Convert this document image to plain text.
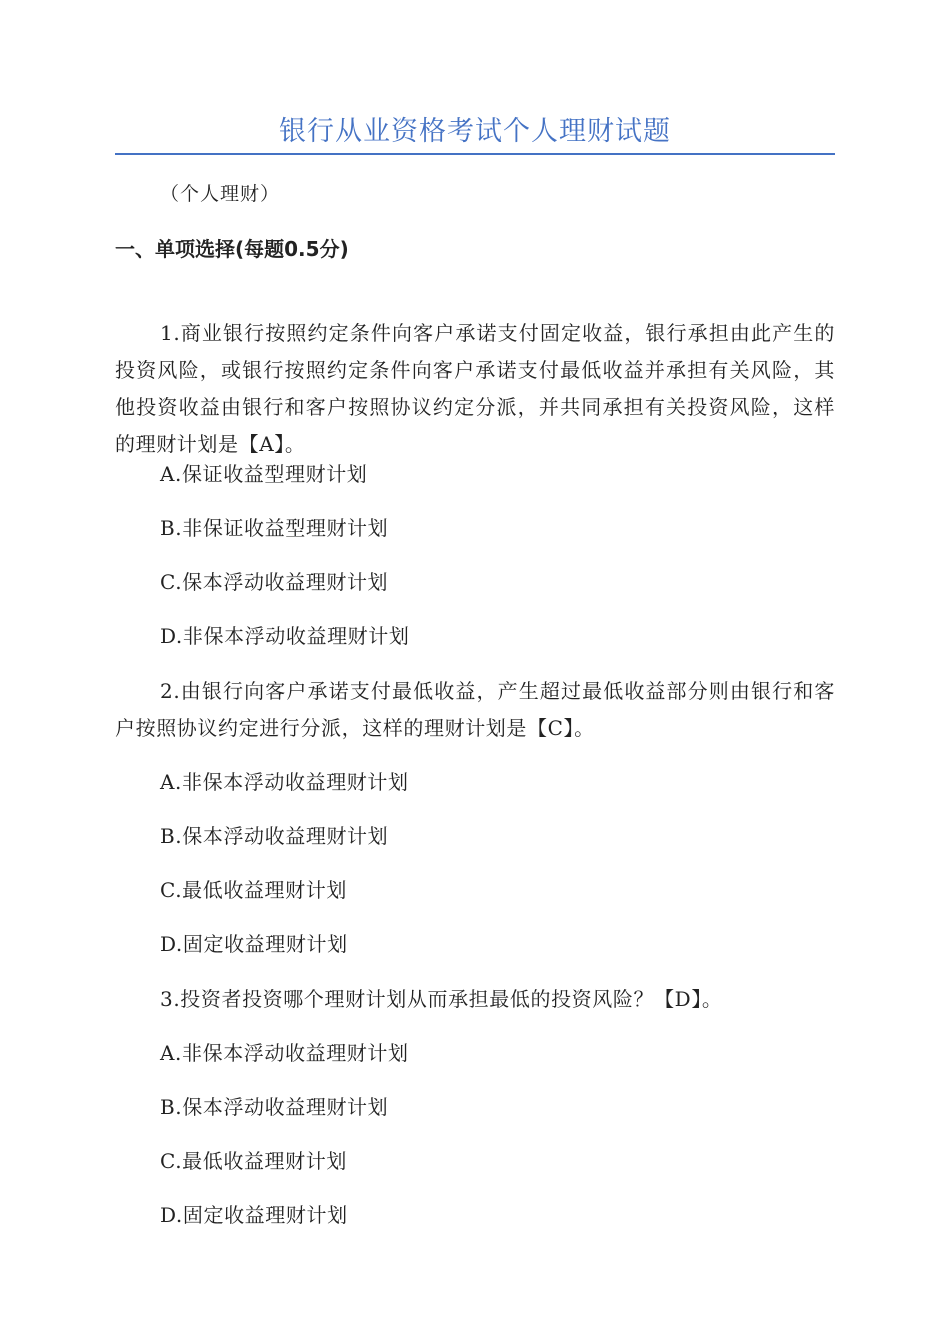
银行从业资格考试个人理财试题
（个人理财）
一、单项选择(每题0.5分)
1.商业银行按照约定条件向客户承诺支付固定收益，银行承担由此产生的投资风险，或银行按照约定条件向客户承诺支付最低收益并承担有关风险，其他投资收益由银行和客户按照协议约定分派，并共同承担有关投资风险，这样的理财计划是【A】。
A.保证收益型理财计划
B.非保证收益型理财计划
C.保本浮动收益理财计划
D.非保本浮动收益理财计划
2.由银行向客户承诺支付最低收益，产生超过最低收益部分则由银行和客户按照协议约定进行分派，这样的理财计划是【C】。
A.非保本浮动收益理财计划
B.保本浮动收益理财计划
C.最低收益理财计划
D.固定收益理财计划
3.投资者投资哪个理财计划从而承担最低的投资风险？【D】。
A.非保本浮动收益理财计划
B.保本浮动收益理财计划
C.最低收益理财计划
D.固定收益理财计划
